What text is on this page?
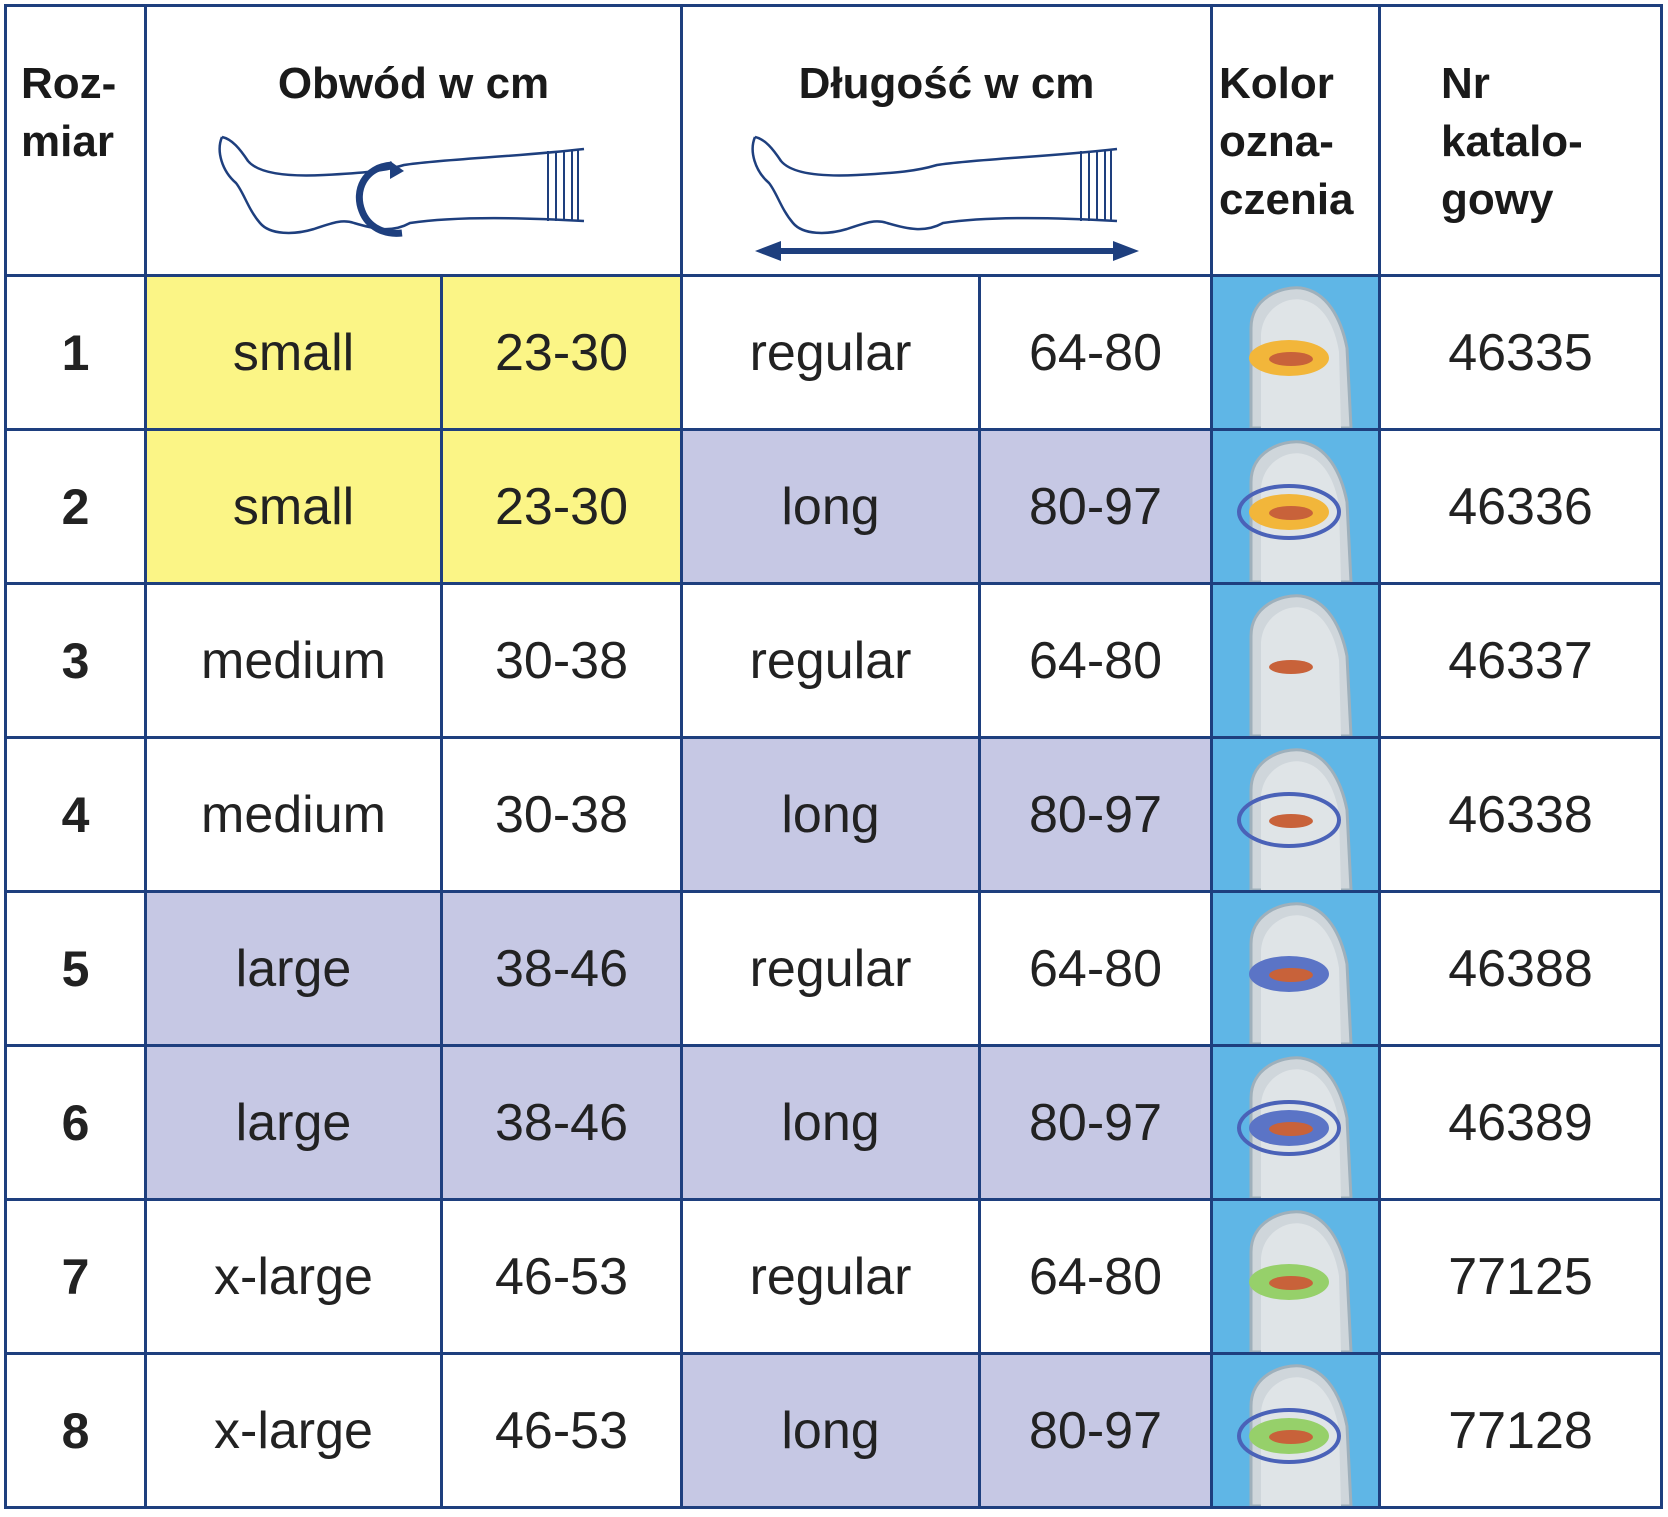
Roz-
miar	Obwód w cm		Długość w cm		Kolor
ozna-
czenia	Nr
katalo-
gowy

1	small	23-30	regular	64-80		46335
2	small	23-30	long	80-97		46336
3	medium	30-38	regular	64-80		46337
4	medium	30-38	long	80-97		46338
5	large	38-46	regular	64-80		46388
6	large	38-46	long	80-97		46389
7	x-large	46-53	regular	64-80		77125
8	x-large	46-53	long	80-97		77128
